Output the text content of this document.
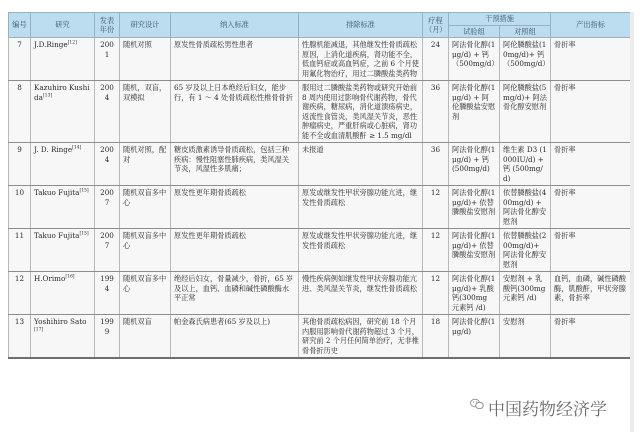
编号	研究	发表年份	研究设计	纳入标准	排除标准	疗程（月）	干预措施		产出指标
							试验组	对照组	
7	J.D.Ringe[12]	2001	随机对照	原发性骨质疏松男性患者	性腺机能减退，其他继发性骨质疏松原因，上消化道疾病，肾功能不全，低血钙症或高血钙症，之前 6 个月使用氟化物治疗，用过二膦酸盐类药物	24	阿法骨化醇(1μg/d) + 钙（500mg/d）	阿伦膦酸盐(10mg/d)+ 钙（500mg/d）	骨折率
8	Kazuhiro Kushida[13]	2004	随机，双盲，双模拟	65 岁及以上日本绝经后妇女，能步行，有 1 ～ 4 处骨质疏松性椎骨骨折	服用过二膦酸盐类药物或研究开始前 8 周内使用过影响骨代谢药物，骨代谢疾病，糖尿病，消化道溃疡病史，返流性食管炎，类风湿关节炎，恶性肿瘤病史，严重肝病或心脏病，肾功能不全或血清肌酸酐 ≥ 1.5 mg/dl	36	阿法骨化醇(1μg/d) + 阿伦膦酸盐安慰剂	阿伦膦酸盐(5mg/d)+ 阿法骨化醇安慰剂	骨折率
9	J. D. Ringe[14]	2004	随机对照，配对	糖皮质激素诱导骨质疏松，包括三种疾病：慢性阻塞性肺疾病，类风湿关节炎，风湿性多肌痛；	未报道	36	阿法骨化醇(1μg/d) + 钙(500mg/d)	维生素 D3 (1000IU/d) + 钙 (500mg/d)	骨折率
10	Takuo Fujita[15]	2007	随机双盲多中心	原发性更年期骨质疏松	原发或继发性甲状旁腺功能亢进，继发性骨质疏松	12	阿法骨化醇(1μg/d)+ 依替膦酸盐安慰剂	依替膦酸盐(400mg/d) + 阿法骨化醇安慰剂	骨折率
11	Takuo Fujita[15]	2007	随机双盲多中心	原发性更年期骨质疏松	原发或继发性甲状旁腺功能亢进，继发性骨质疏松	12	阿法骨化醇(1μg/d)+ 依替膦酸盐安慰剂	依替膦酸盐(200mg/d)+ 阿法骨化醇安慰剂	骨折率
12	H.Orimo[16]	1994	随机双盲多中心	绝经后妇女，骨量减少，骨折，65 岁及以上，血钙、血磷和碱性磷酸酶水平正常	慢性疾病例如继发性甲状旁腺功能亢进、类风湿关节炎，继发性骨质疏松	12	阿法骨化醇(1 μg/d)+ 乳酸钙(300mg 元素钙 /d)	安慰剂 + 乳酸钙(300mg 元素钙 /d)	血钙，血磷，碱性磷酸酶，肌酸酐，甲状旁腺素，骨折率
13	Yoshihiro Sato[17]	1999	随机双盲	帕金森氏病患者(65 岁及以上)	其他骨质疏松病因，研究前 18 个月内服用影响骨代谢药物超过 3 个月，研究前 2 个月任何简单治疗，无非椎骨骨折历史	18	阿法骨化醇(1 μg/d)	安慰剂	骨折率
中国药物经济学
